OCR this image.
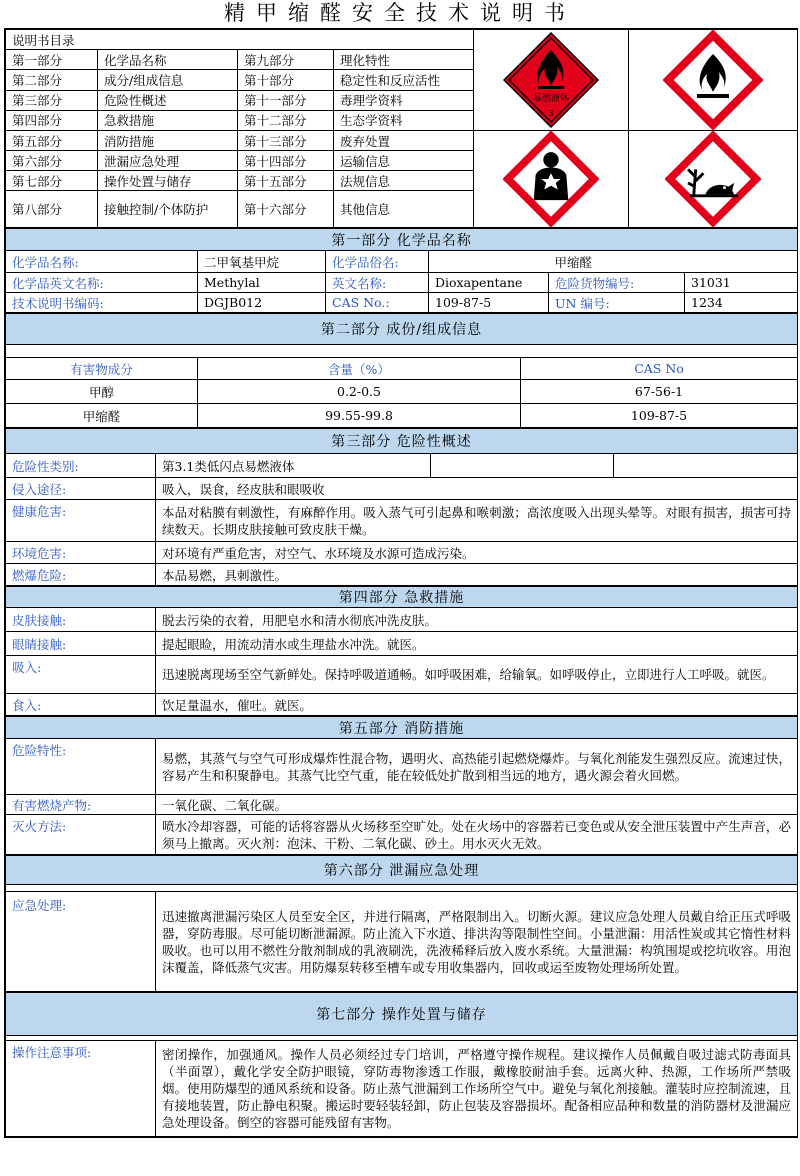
精甲缩醛安全技术说明书
说明书目录				易燃液体
3

第一部分	化学品名称	第九部分	理化特性		
第二部分	成分/组成信息	第十部分	稳定性和反应活性		
第三部分	危险性概述	第十一部分	毒理学资料		
第四部分	急救措施	第十二部分	生态学资料		
第五部分	消防措施	第十三部分	废弃处置	

第六部分	泄漏应急处理	第十四部分	运输信息		
第七部分	操作处置与储存	第十五部分	法规信息		
第八部分	接触控制/个体防护	第十六部分	其他信息		
第一部分 化学品名称					
化学品名称:	二甲氧基甲烷	化学品俗名:		甲缩醛	
化学品英文名称:	Methylal	英文名称:	Dioxapentane	危险货物编号:	31031
技术说明书编码:	DGJB012	CAS No.:	109-87-5	UN 编号:	1234
第二部分 成份/组成信息		

有害物成分	含量（%）	CAS No
甲醇	0.2-0.5	67-56-1
甲缩醛	99.55-99.8	109-87-5
第三部分 危险性概述			
危险性类别:	第3.1类低闪点易燃液体		
侵入途径:	吸入，误食，经皮肤和眼吸收		
健康危害:	本品对粘膜有刺激性，有麻醉作用。吸入蒸气可引起鼻和喉刺激；高浓度吸入出现头晕等。对眼有损害，损害可持续数天。长期皮肤接触可致皮肤干燥。		
环境危害:	对环境有严重危害，对空气、水环境及水源可造成污染。		
燃爆危险:	本品易燃，具刺激性。		
第四部分 急救措施	
皮肤接触:	脱去污染的衣着，用肥皂水和清水彻底冲洗皮肤。
眼睛接触:	提起眼睑，用流动清水或生理盐水冲洗。就医。
吸入:	迅速脱离现场至空气新鲜处。保持呼吸道通畅。如呼吸困难，给输氧。如呼吸停止，立即进行人工呼吸。就医。
食入:	饮足量温水，催吐。就医。
第五部分 消防措施	
危险特性:	易燃，其蒸气与空气可形成爆炸性混合物，遇明火、高热能引起燃烧爆炸。与氧化剂能发生强烈反应。流速过快，容易产生和积聚静电。其蒸气比空气重，能在较低处扩散到相当远的地方，遇火源会着火回燃。
有害燃烧产物:	一氧化碳、二氧化碳。
灭火方法:	喷水冷却容器，可能的话将容器从火场移至空旷处。处在火场中的容器若已变色或从安全泄压装置中产生声音，必须马上撤离。灭火剂：泡沫、干粉、二氧化碳、砂土。用水灭火无效。
第六部分 泄漏应急处理

应急处理:	迅速撤离泄漏污染区人员至安全区，并进行隔离，严格限制出入。切断火源。建议应急处理人员戴自给正压式呼吸器，穿防毒服。尽可能切断泄漏源。防止流入下水道、排洪沟等限制性空间。小量泄漏：用活性炭或其它惰性材料吸收。也可以用不燃性分散剂制成的乳液刷洗，洗液稀释后放入废水系统。大量泄漏：构筑围堤或挖坑收容。用泡沫覆盖，降低蒸气灾害。用防爆泵转移至槽车或专用收集器内，回收或运至废物处理场所处置。
第七部分 操作处置与储存

操作注意事项:	密闭操作，加强通风。操作人员必须经过专门培训，严格遵守操作规程。建议操作人员佩戴自吸过滤式防毒面具（半面罩），戴化学安全防护眼镜，穿防毒物渗透工作服，戴橡胶耐油手套。远离火种、热源，工作场所严禁吸烟。使用防爆型的通风系统和设备。防止蒸气泄漏到工作场所空气中。避免与氧化剂接触。灌装时应控制流速，且有接地装置，防止静电积聚。搬运时要轻装轻卸，防止包装及容器损坏。配备相应品种和数量的消防器材及泄漏应急处理设备。倒空的容器可能残留有害物。
